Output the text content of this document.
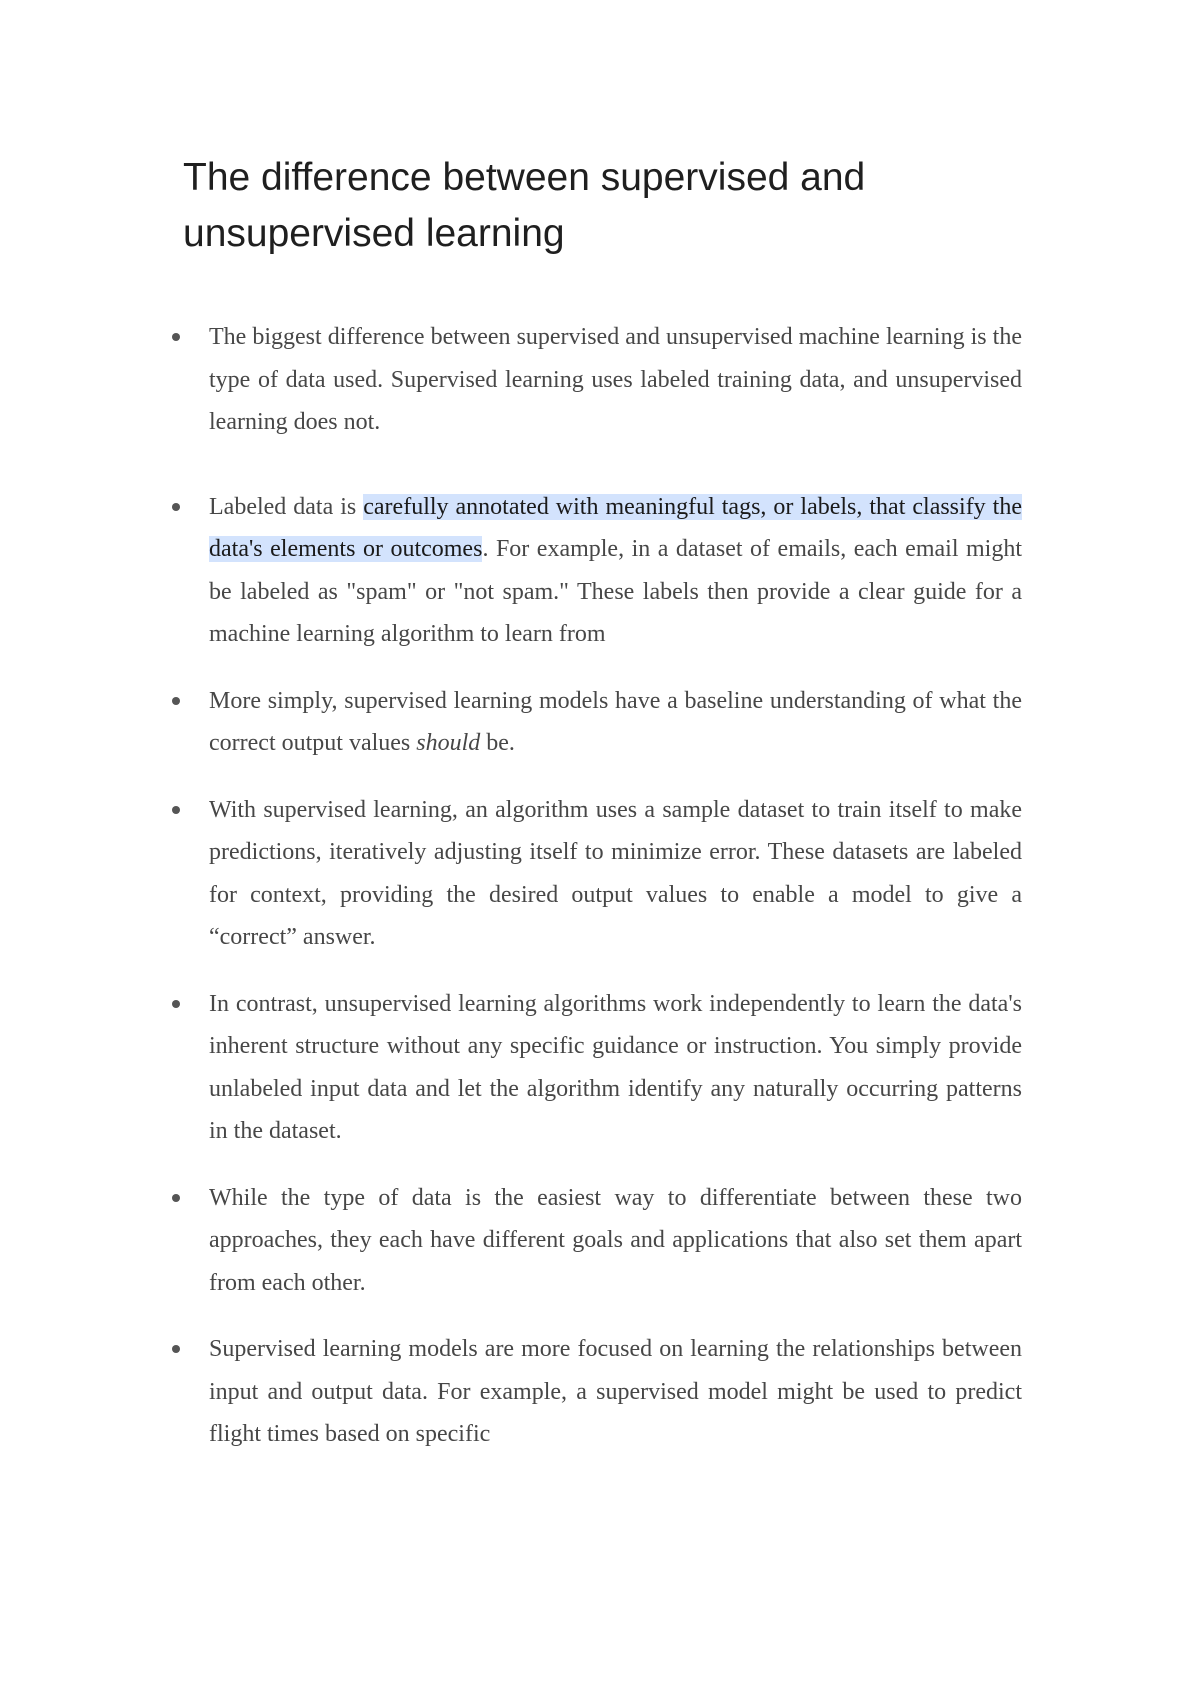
The difference between supervised and unsupervised learning
The biggest difference between supervised and unsupervised machine learning is the type of data used. Supervised learning uses labeled training data, and unsupervised learning does not.
Labeled data is carefully annotated with meaningful tags, or labels, that classify the data's elements or outcomes. For example, in a dataset of emails, each email might be labeled as "spam" or "not spam." These labels then provide a clear guide for a machine learning algorithm to learn from
More simply, supervised learning models have a baseline understanding of what the correct output values should be.
With supervised learning, an algorithm uses a sample dataset to train itself to make predictions, iteratively adjusting itself to minimize error. These datasets are labeled for context, providing the desired output values to enable a model to give a “correct” answer.
In contrast, unsupervised learning algorithms work independently to learn the data's inherent structure without any specific guidance or instruction. You simply provide unlabeled input data and let the algorithm identify any naturally occurring patterns in the dataset.
While the type of data is the easiest way to differentiate between these two approaches, they each have different goals and applications that also set them apart from each other.
Supervised learning models are more focused on learning the relationships between input and output data. For example, a supervised model might be used to predict flight times based on specific
